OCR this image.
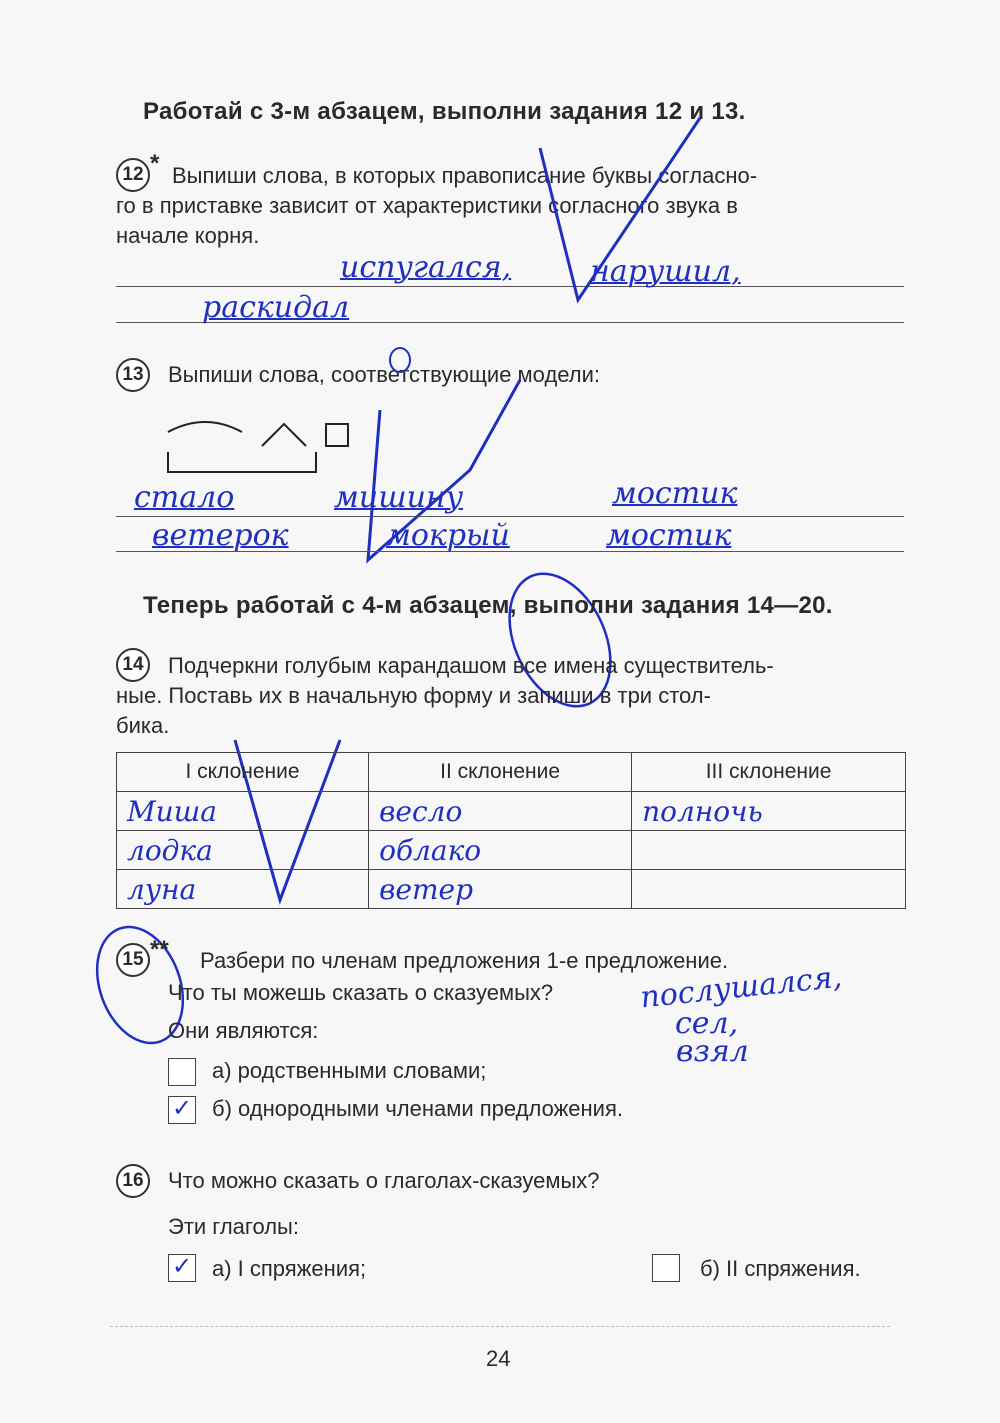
Работай с 3-м абзацем, выполни задания 12 и 13.
12 * Выпиши слова, в которых правописание буквы согласно-
го в приставке зависит от характеристики согласного звука в
начале корня.
испугался,	нарушил,
раскидал
13 Выпиши слова, соответствующие модели:
стало	мишину	мостик
ветерок	мокрый	мостик
Теперь работай с 4-м абзацем, выполни задания 14—20.
14 Подчеркни голубым карандашом все имена существитель-
ные. Поставь их в начальную форму и запиши в три стол-
бика.
I склонение	II склонение	III склонение
Миша	весло	полночь
лодка	облако	
луна	ветер	
15 ** Разбери по членам предложения 1-е предложение.
Что ты можешь сказать о сказуемых?	послушался,
сел,
взял
Они являются:
а) родственными словами;
✓ б) однородными членами предложения.
16 Что можно сказать о глаголах-сказуемых?
Эти глаголы:
✓ а) I спряжения;	б) II спряжения.
24
